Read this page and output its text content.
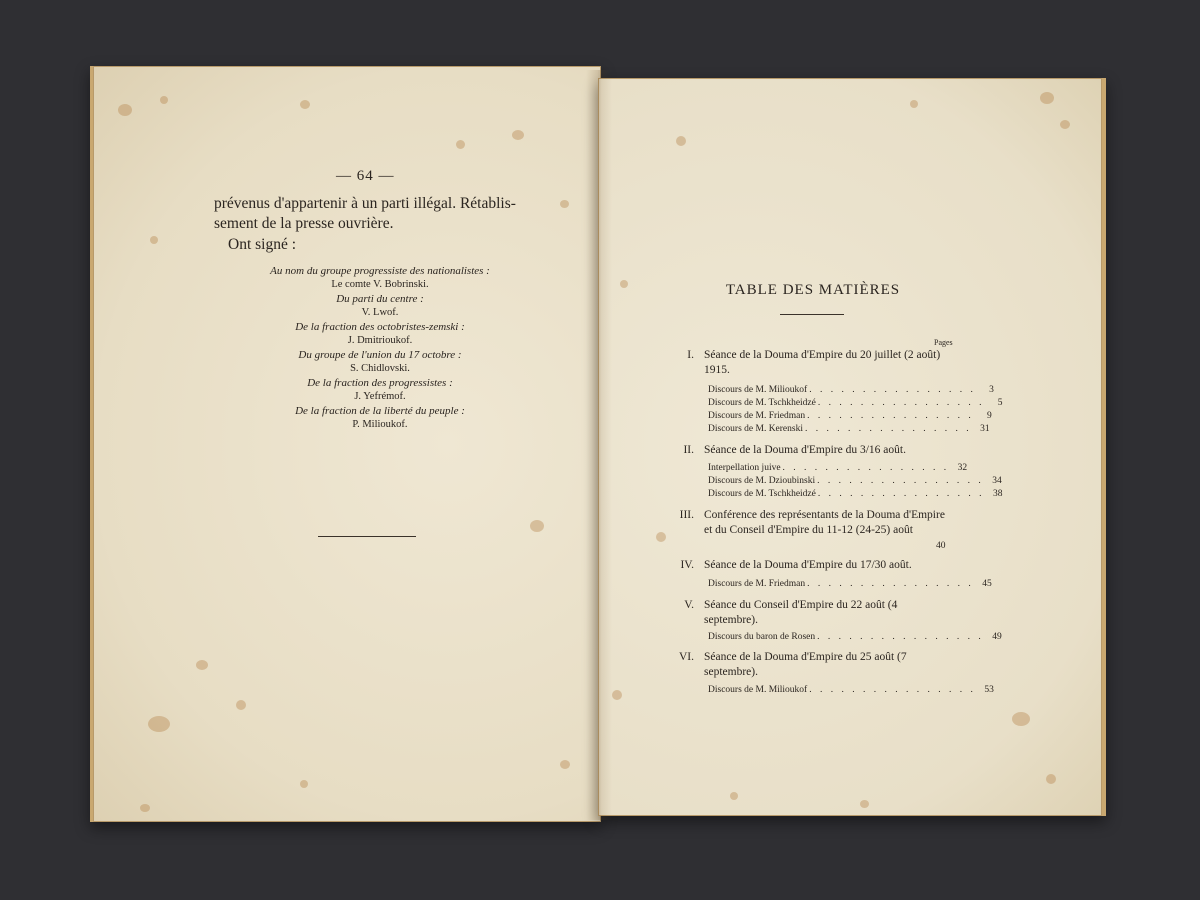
— 64 —
prévenus d'appartenir à un parti illégal. Rétablis-
sement de la presse ouvrière.
Ont signé :
Au nom du groupe progressiste des nationalistes :
Le comte V. Bobrinski.
Du parti du centre :
V. Lwof.
De la fraction des octobristes-zemski :
J. Dmitrioukof.
Du groupe de l'union du 17 octobre :
S. Chidlovski.
De la fraction des progressistes :
J. Yefrémof.
De la fraction de la liberté du peuple :
P. Milioukof.
TABLE DES MATIÈRES
Pages
I. Séance de la Douma d'Empire du 20 juillet (2 août) 1915.
Discours de M. Milioukof . . . . . . . . . . . . . . . .	3
Discours de M. Tschkheidzé . . . . . . . . . . . . . . . .	5
Discours de M. Friedman . . . . . . . . . . . . . . . .	9
Discours de M. Kerenski . . . . . . . . . . . . . . . . 31
II. Séance de la Douma d'Empire du 3/16 août.
Interpellation juive . . . . . . . . . . . . . . . . 32
Discours de M. Dzioubinski . . . . . . . . . . . . . . . . 34
Discours de M. Tschkheidzé . . . . . . . . . . . . . . . . 38
III. Conférence des représentants de la Douma d'Empire et du Conseil d'Empire du 11-12 (24-25) août
40
IV. Séance de la Douma d'Empire du 17/30 août.
Discours de M. Friedman . . . . . . . . . . . . . . . . 45
V. Séance du Conseil d'Empire du 22 août (4 septembre).
Discours du baron de Rosen . . . . . . . . . . . . . . . . 49
VI. Séance de la Douma d'Empire du 25 août (7 septembre).
Discours de M. Milioukof . . . . . . . . . . . . . . . . 53
